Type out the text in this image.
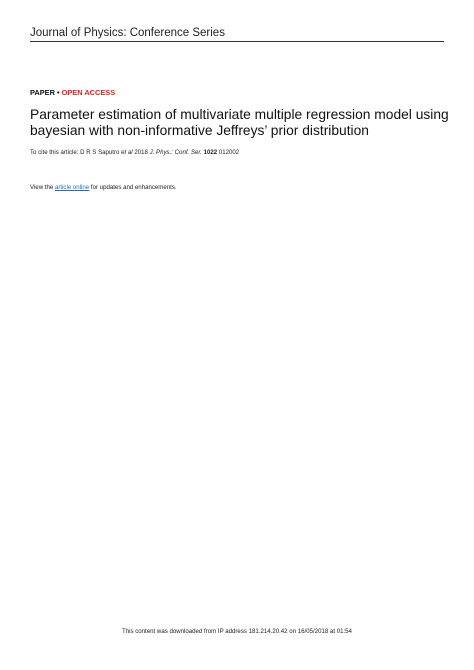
Journal of Physics: Conference Series
PAPER • OPEN ACCESS
Parameter estimation of multivariate multiple regression model using bayesian with non-informative Jeffreys’ prior distribution
To cite this article: D R S Saputro et al 2018 J. Phys.: Conf. Ser. 1022 012002
View the article online for updates and enhancements.
This content was downloaded from IP address 181.214.20.42 on 16/05/2018 at 01:54
